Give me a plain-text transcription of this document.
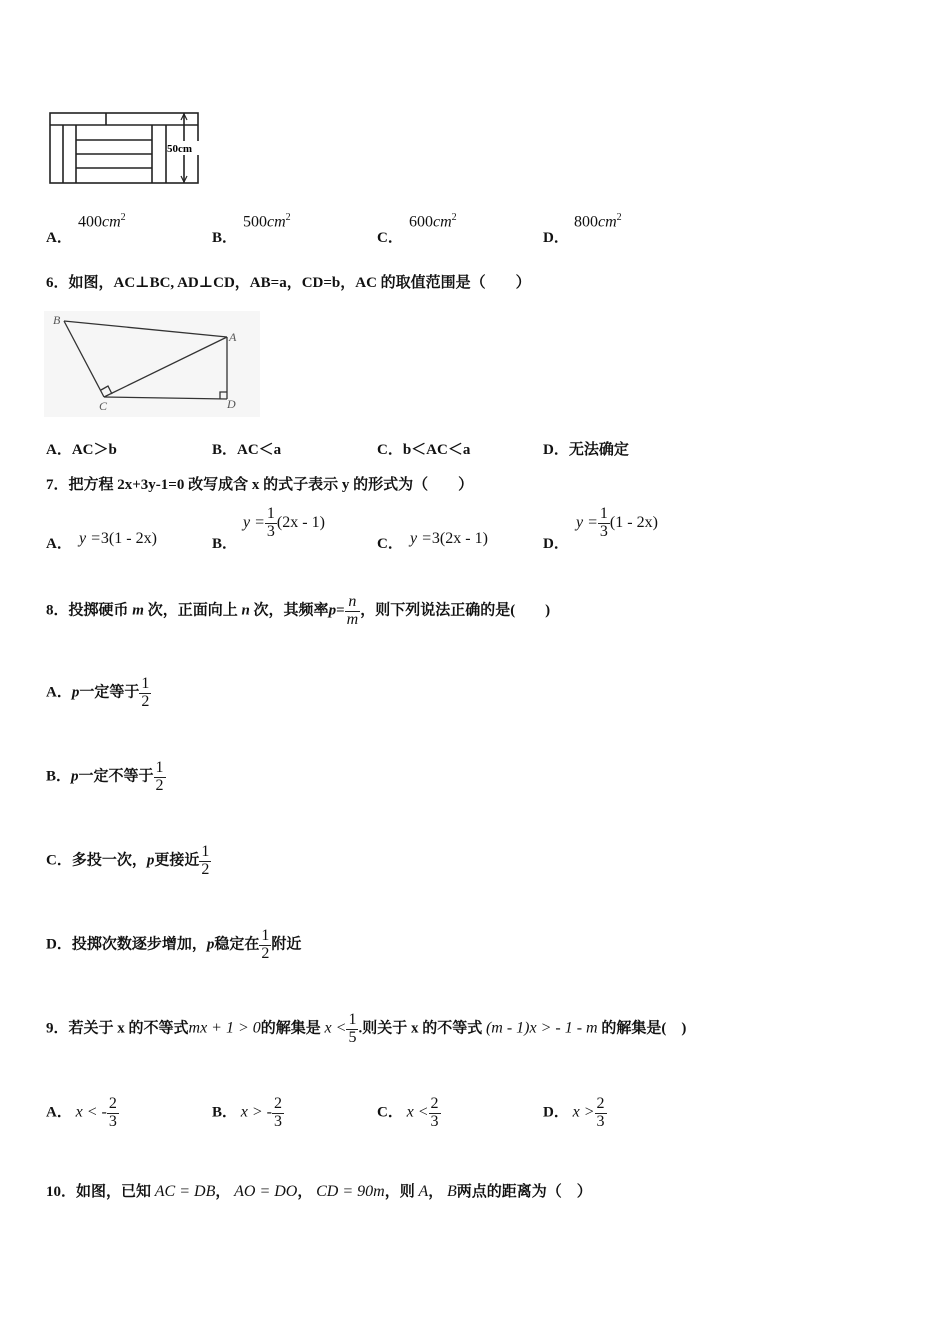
50cm
A．
$400cm^2$
B．
$500cm^2$
C．
$600cm^2$
D．
$800cm^2$
6．如图，AC⊥BC, AD⊥CD，AB=a，CD=b，AC 的取值范围是（　　）
B
A
C	D
A．AC＞b	B．AC＜a	C．b＜AC＜a	D．无法确定
7．把方程 2x+3y-1=0 改写成含 x 的式子表示 y 的形式为（　　）
A． y =3(1 - 2x)	B．
$y = \frac{1}{3} (2x - 1)$
C． y =3(2x - 1)	D．
$y = \frac{1}{3} (1 - 2x)$
8．投掷硬币 m 次，正面向上 n 次，其频率$p= \frac{n}{m}$ ，则下列说法正确的是(　　)
A．p一定等于 $\frac{1}{2}$
B．p一定不等于 $\frac{1}{2}$
C．多投一次，p更接近 $\frac{1}{2}$
D．投掷次数逐步增加，p稳定在 $\frac{1}{2}$ 附近
9．若关于 x 的不等式mx + 1 > 0的解集是 $x < \frac{1}{5}$ .则关于 x 的不等式 (m - 1)x > - 1 - m 的解集是(　)
A． x < - $\frac{2}{3}$	B． x > - $\frac{2}{3}$	C． $x < \frac{2}{3}$	D． $x > \frac{2}{3}$
10．如图，已知 AC = DB， AO = DO， CD = 90m，则 A， B两点的距离为（　）
